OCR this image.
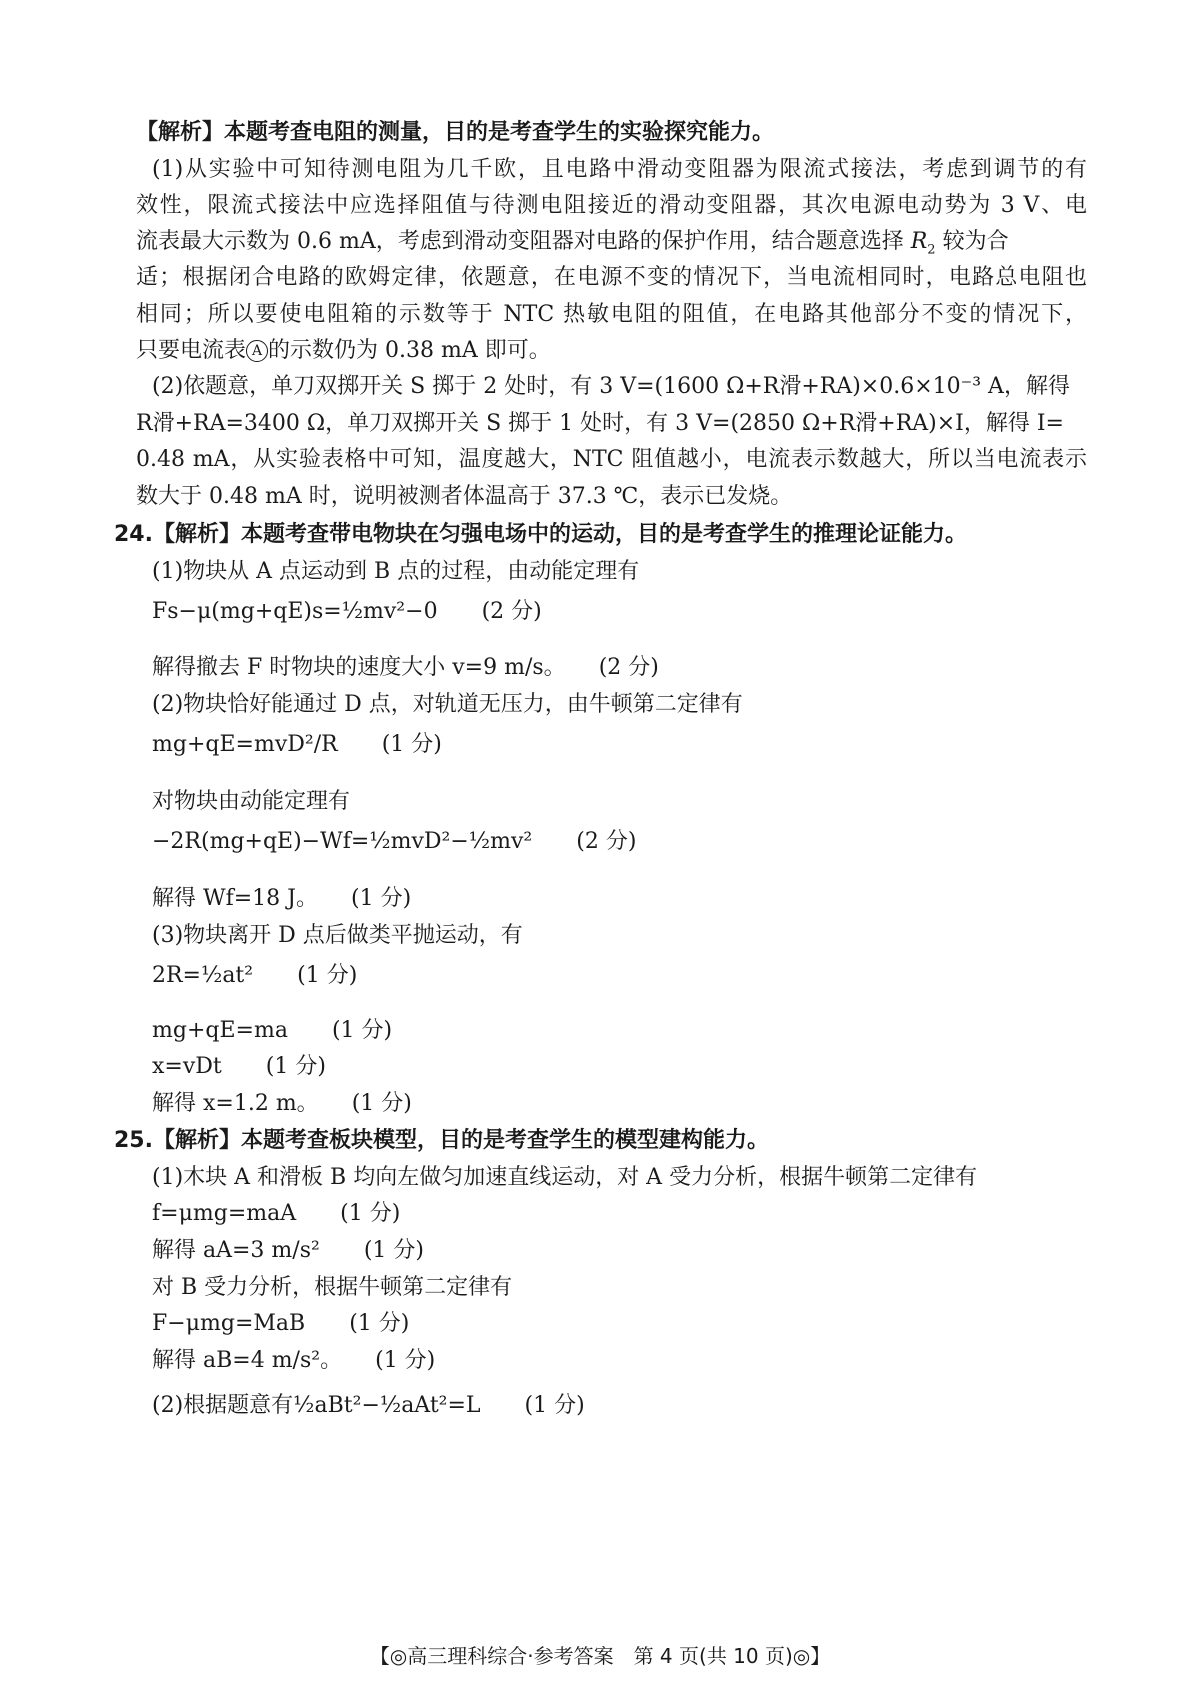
【解析】本题考查电阻的测量，目的是考查学生的实验探究能力。
(1)从实验中可知待测电阻为几千欧，且电路中滑动变阻器为限流式接法，考虑到调节的有
效性，限流式接法中应选择阻值与待测电阻接近的滑动变阻器，其次电源电动势为 3 V、电
流表最大示数为 0.6 mA，考虑到滑动变阻器对电路的保护作用，结合题意选择 $R_2$ 较为合
适；根据闭合电路的欧姆定律，依题意，在电源不变的情况下，当电流相同时，电路总电阻也
相同；所以要使电阻箱的示数等于 NTC 热敏电阻的阻值，在电路其他部分不变的情况下，
只要电流表 A 的示数仍为 0.38 mA 即可。
(2)依题意，单刀双掷开关 S 掷于 2 处时，有 3 V=(1600 Ω+R滑+RA)×0.6×10⁻³ A，解得
R滑+RA=3400 Ω，单刀双掷开关 S 掷于 1 处时，有 3 V=(2850 Ω+R滑+RA)×I，解得 I=
0.48 mA，从实验表格中可知，温度越大，NTC 阻值越小，电流表示数越大，所以当电流表示
数大于 0.48 mA 时，说明被测者体温高于 37.3 ℃，表示已发烧。
24.【解析】本题考查带电物块在匀强电场中的运动，目的是考查学生的推理论证能力。
(1)物块从 A 点运动到 B 点的过程，由动能定理有
Fs−μ(mg+qE)s=½mv²−0　　 (2 分)
解得撤去 F 时物块的速度大小 v=9 m/s。　　 (2 分)
(2)物块恰好能通过 D 点，对轨道无压力，由牛顿第二定律有
mg+qE=mvD²/R　　 (1 分)
对物块由动能定理有
−2R(mg+qE)−Wf=½mvD²−½mv²　　 (2 分)
解得 Wf=18 J。　　 (1 分)
(3)物块离开 D 点后做类平抛运动，有
2R=½at²　　 (1 分)
mg+qE=ma　　 (1 分)
x=vDt　　 (1 分)
解得 x=1.2 m。　　 (1 分)
25.【解析】本题考查板块模型，目的是考查学生的模型建构能力。
(1)木块 A 和滑板 B 均向左做匀加速直线运动，对 A 受力分析，根据牛顿第二定律有
f=μmg=maA　　 (1 分)
解得 aA=3 m/s²　　 (1 分)
对 B 受力分析，根据牛顿第二定律有
F−μmg=MaB　　 (1 分)
解得 aB=4 m/s²。　　 (1 分)
(2)根据题意有½aBt²−½aAt²=L　　 (1 分)
【◎高三理科综合·参考答案　第 4 页(共 10 页)◎】
